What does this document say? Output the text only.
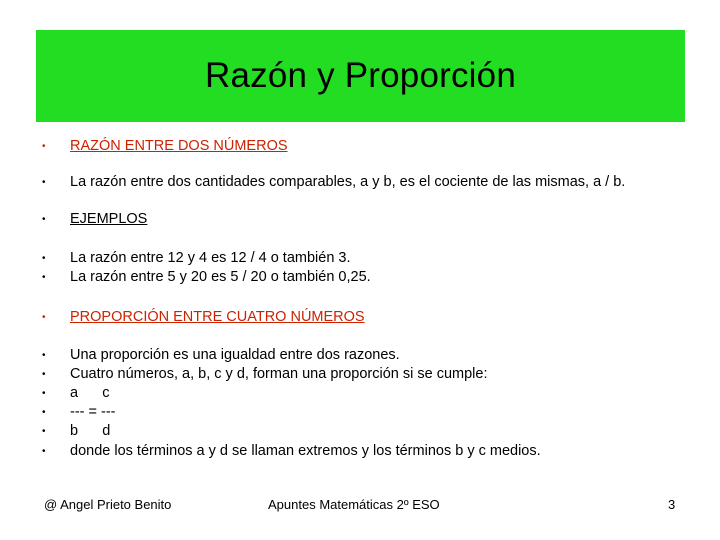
Razón y Proporción
•	RAZÓN ENTRE DOS NÚMEROS
•	La razón entre dos cantidades comparables, a y b, es el cociente de las mismas, a / b.
•	EJEMPLOS
•	La razón entre 12 y 4 es 12 / 4 o también 3.
•	La razón entre 5 y 20 es 5 / 20 o también 0,25.
•	PROPORCIÓN ENTRE CUATRO NÚMEROS
•	Una proporción es una igualdad entre dos razones.
•	Cuatro números, a, b, c y d, forman una proporción si se cumple:
•	a      c
•	--- = ---
•	b      d
•	donde los términos a y d se llaman extremos y los términos b y c medios.
@ Angel Prieto Benito	Apuntes Matemáticas 2º ESO	3
